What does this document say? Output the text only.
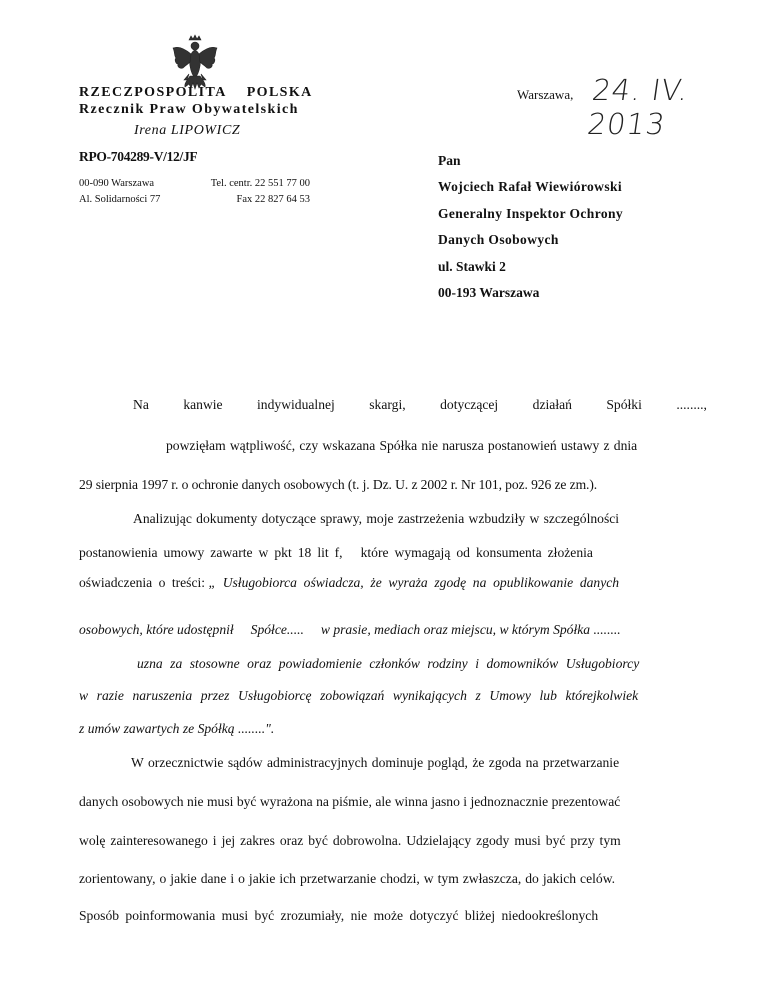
RZECZPOSPOLITA POLSKA
Rzecznik Praw Obywatelskich
Irena LIPOWICZ
RPO-704289-V/12/JF
00-090 Warszawa
Al. Solidarności 77
Tel. centr. 22 551 77 00
Fax 22 827 64 53
Warszawa, 24. IV. 2013
Pan
Wojciech Rafał Wiewiórowski
Generalny Inspektor Ochrony
Danych Osobowych
ul. Stawki 2
00-193 Warszawa
Na	kanwie	indywidualnej	skargi,	dotyczącej	działań	Spółki	........,
powzięłam wątpliwość, czy wskazana Spółka nie narusza postanowień ustawy z dnia
29 sierpnia 1997 r. o ochronie danych osobowych (t. j. Dz. U. z 2002 r. Nr 101, poz. 926 ze zm.).
Analizując dokumenty dotyczące sprawy, moje zastrzeżenia wzbudziły w szczególności
postanowienia umowy zawarte w pkt 18 lit f,   które wymagają od konsumenta złożenia
oświadczenia o treści: „ Usługobiorca oświadcza, że wyraża zgodę na opublikowanie danych
osobowych, które udostępnił     Spółce.....     w prasie, mediach oraz miejscu, w którym Spółka ........
uzna za stosowne oraz powiadomienie członków rodziny i domowników Usługobiorcy
w razie naruszenia przez Usługobiorcę zobowiązań wynikających z Umowy lub którejkolwiek
z umów zawartych ze Spółką ........".
W orzecznictwie sądów administracyjnych dominuje pogląd, że zgoda na przetwarzanie
danych osobowych nie musi być wyrażona na piśmie, ale winna jasno i jednoznacznie prezentować
wolę zainteresowanego i jej zakres oraz być dobrowolna. Udzielający zgody musi być przy tym
zorientowany, o jakie dane i o jakie ich przetwarzanie chodzi, w tym zwłaszcza, do jakich celów.
Sposób poinformowania musi być zrozumiały, nie może dotyczyć bliżej niedookreślonych
